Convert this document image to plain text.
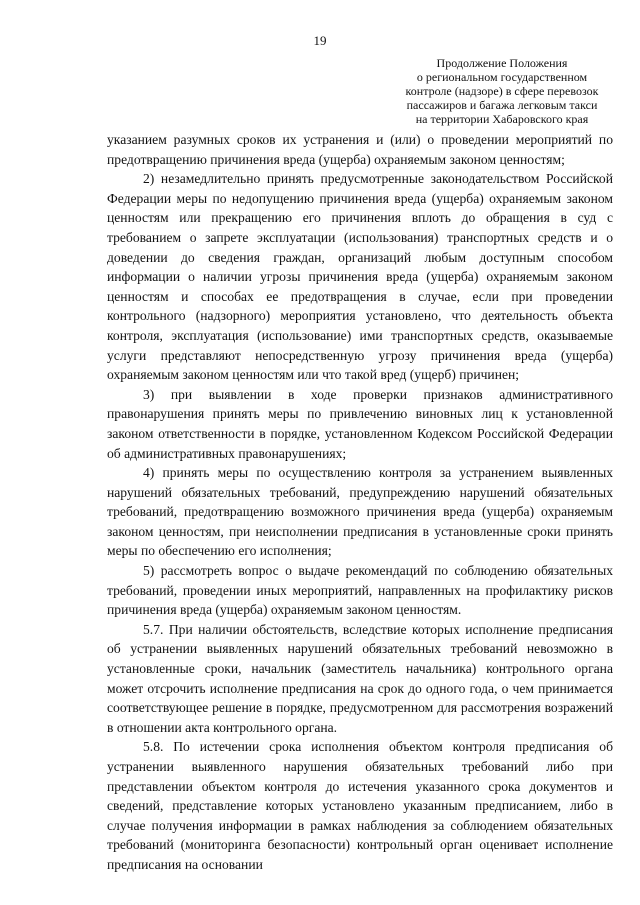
19
Продолжение Положения
о региональном государственном
контроле (надзоре) в сфере перевозок
пассажиров и багажа легковым такси
на территории Хабаровского края

указанием разумных сроков их устранения и (или) о проведении мероприятий по предотвращению причинения вреда (ущерба) охраняемым законом ценностям;

2) незамедлительно принять предусмотренные законодательством Российской Федерации меры по недопущению причинения вреда (ущерба) охраняемым законом ценностям или прекращению его причинения вплоть до обращения в суд с требованием о запрете эксплуатации (использования) транспортных средств и о доведении до сведения граждан, организаций любым доступным способом информации о наличии угрозы причинения вреда (ущерба) охраняемым законом ценностям и способах ее предотвращения в случае, если при проведении контрольного (надзорного) мероприятия установлено, что деятельность объекта контроля, эксплуатация (использование) ими транспортных средств, оказываемые услуги представляют непосредственную угрозу причинения вреда (ущерба) охраняемым законом ценностям или что такой вред (ущерб) причинен;

3) при выявлении в ходе проверки признаков административного правонарушения принять меры по привлечению виновных лиц к установленной законом ответственности в порядке, установленном Кодексом Российской Федерации об административных правонарушениях;

4) принять меры по осуществлению контроля за устранением выявленных нарушений обязательных требований, предупреждению нарушений обязательных требований, предотвращению возможного причинения вреда (ущерба) охраняемым законом ценностям, при неисполнении предписания в установленные сроки принять меры по обеспечению его исполнения;

5) рассмотреть вопрос о выдаче рекомендаций по соблюдению обязательных требований, проведении иных мероприятий, направленных на профилактику рисков причинения вреда (ущерба) охраняемым законом ценностям.

5.7. При наличии обстоятельств, вследствие которых исполнение предписания об устранении выявленных нарушений обязательных требований невозможно в установленные сроки, начальник (заместитель начальника) контрольного органа может отсрочить исполнение предписания на срок до одного года, о чем принимается соответствующее решение в порядке, предусмотренном для рассмотрения возражений в отношении акта контрольного органа.

5.8. По истечении срока исполнения объектом контроля предписания об устранении выявленного нарушения обязательных требований либо при представлении объектом контроля до истечения указанного срока документов и сведений, представление которых установлено указанным предписанием, либо в случае получения информации в рамках наблюдения за соблюдением обязательных требований (мониторинга безопасности) контрольный орган оценивает исполнение предписания на основании
